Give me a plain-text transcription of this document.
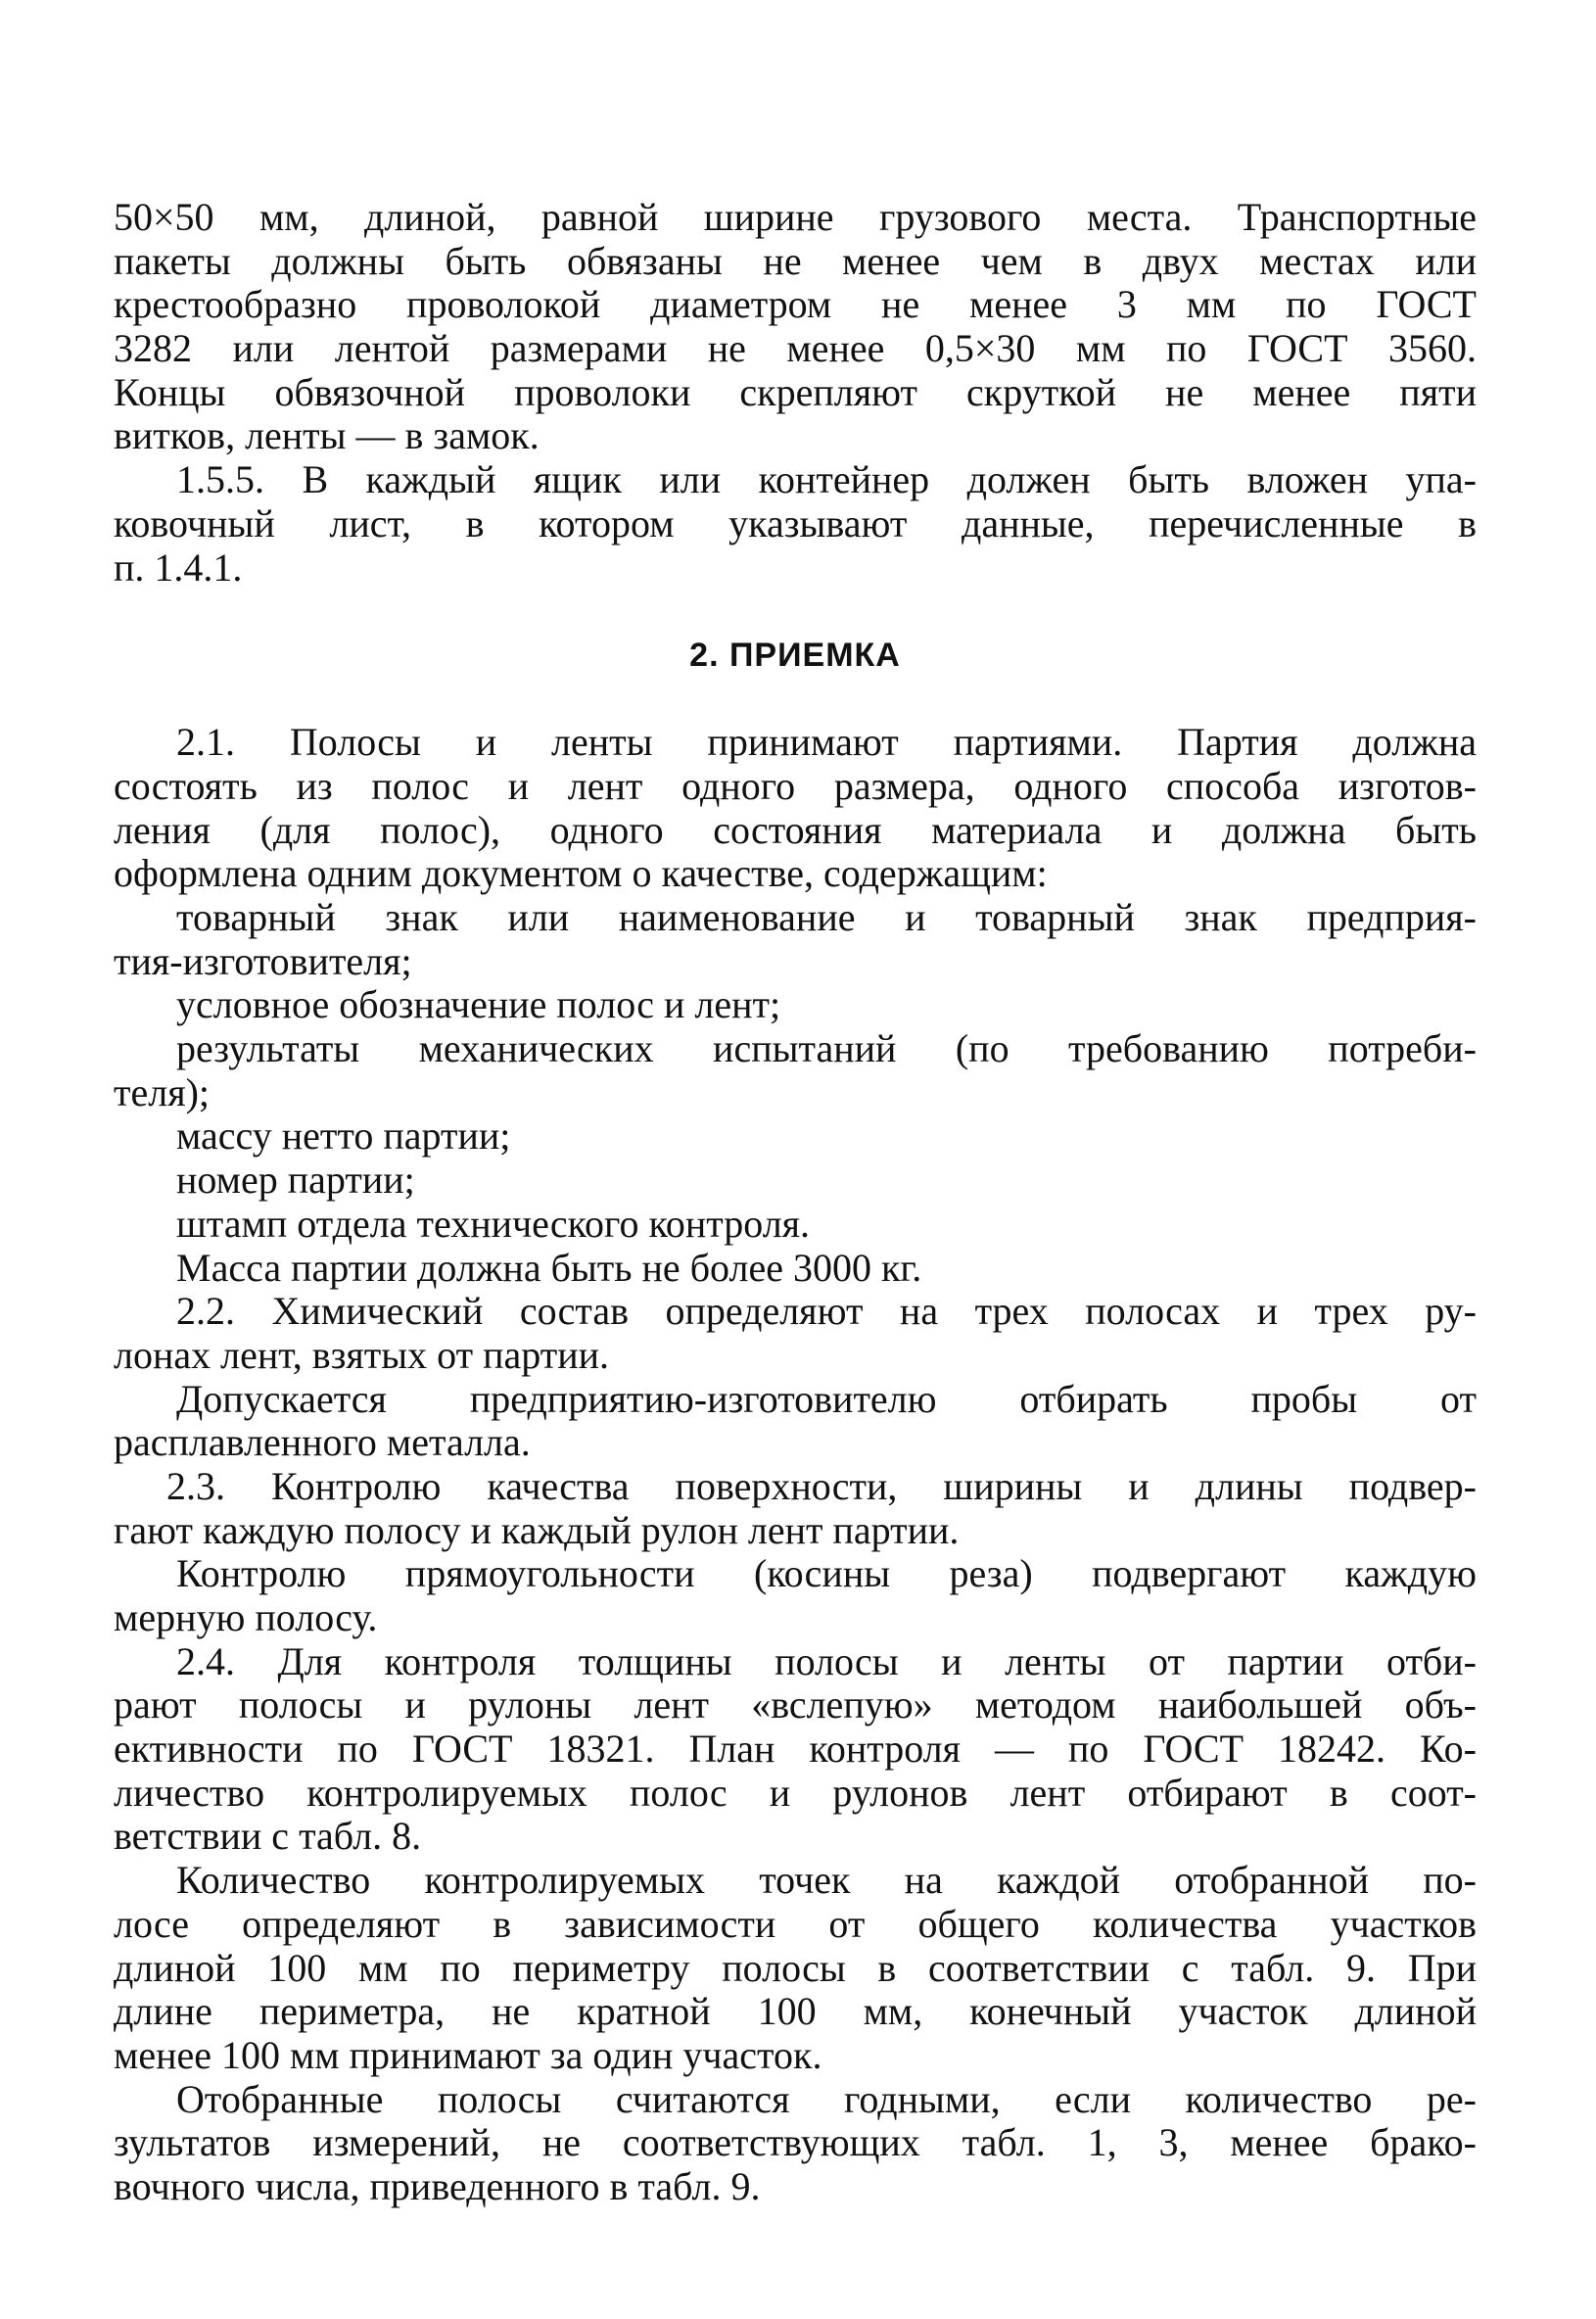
50×50 мм, длиной, равной ширине грузового места. Транспортные
пакеты должны быть обвязаны не менее чем в двух местах или
крестообразно проволокой диаметром не менее 3 мм по ГОСТ
3282 или лентой размерами не менее 0,5×30 мм по ГОСТ 3560.
Концы обвязочной проволоки скрепляют скруткой не менее пяти
витков, ленты — в замок.
1.5.5. В каждый ящик или контейнер должен быть вложен упа-
ковочный лист, в котором указывают данные, перечисленные в
п. 1.4.1.
2. ПРИЕМКА
2.1. Полосы и ленты принимают партиями. Партия должна
состоять из полос и лент одного размера, одного способа изготов-
ления (для полос), одного состояния материала и должна быть
оформлена одним документом о качестве, содержащим:
товарный знак или наименование и товарный знак предприя-
тия-изготовителя;
условное обозначение полос и лент;
результаты механических испытаний (по требованию потреби-
теля);
массу нетто партии;
номер партии;
штамп отдела технического контроля.
Масса партии должна быть не более 3000 кг.
2.2. Химический состав определяют на трех полосах и трех ру-
лонах лент, взятых от партии.
Допускается предприятию-изготовителю отбирать пробы от
расплавленного металла.
2.3. Контролю качества поверхности, ширины и длины подвер-
гают каждую полосу и каждый рулон лент партии.
Контролю прямоугольности (косины реза) подвергают каждую
мерную полосу.
2.4. Для контроля толщины полосы и ленты от партии отби-
рают полосы и рулоны лент «вслепую» методом наибольшей объ-
ективности по ГОСТ 18321. План контроля — по ГОСТ 18242. Ко-
личество контролируемых полос и рулонов лент отбирают в соот-
ветствии с табл. 8.
Количество контролируемых точек на каждой отобранной по-
лосе определяют в зависимости от общего количества участков
длиной 100 мм по периметру полосы в соответствии с табл. 9. При
длине периметра, не кратной 100 мм, конечный участок длиной
менее 100 мм принимают за один участок.
Отобранные полосы считаются годными, если количество ре-
зультатов измерений, не соответствующих табл. 1, 3, менее брако-
вочного числа, приведенного в табл. 9.
